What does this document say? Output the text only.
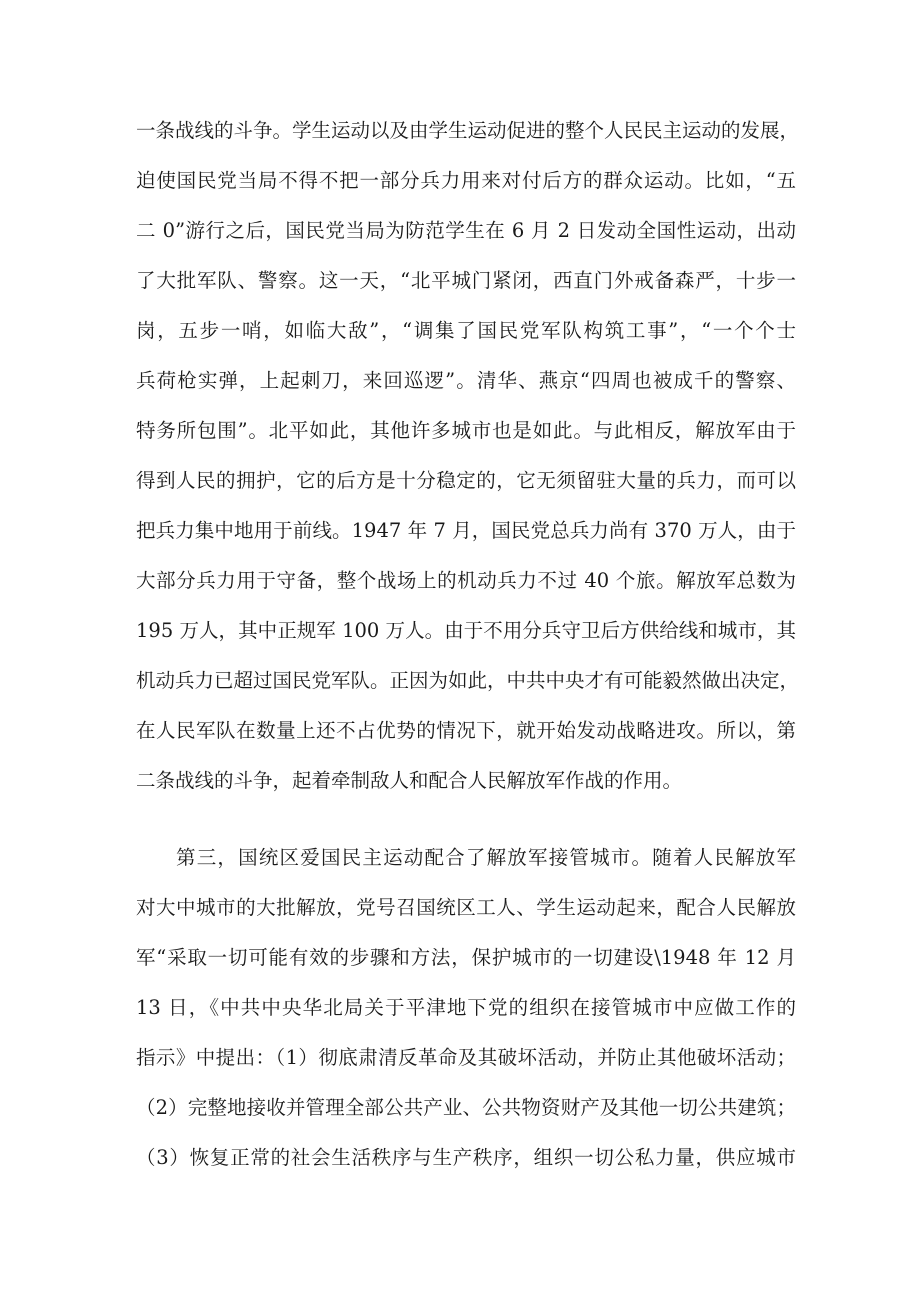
一条战线的斗争。学生运动以及由学生运动促进的整个人民民主运动的发展，
迫使国民党当局不得不把一部分兵力用来对付后方的群众运动。比如，“五
二 0”游行之后，国民党当局为防范学生在 6 月 2 日发动全国性运动，出动
了大批军队、警察。这一天，“北平城门紧闭，西直门外戒备森严，十步一
岗，五步一哨，如临大敌”，“调集了国民党军队构筑工事”，“一个个士
兵荷枪实弹，上起刺刀，来回巡逻”。清华、燕京“四周也被成千的警察、
特务所包围”。北平如此，其他许多城市也是如此。与此相反，解放军由于
得到人民的拥护，它的后方是十分稳定的，它无须留驻大量的兵力，而可以
把兵力集中地用于前线。1947 年 7 月，国民党总兵力尚有 370 万人，由于
大部分兵力用于守备，整个战场上的机动兵力不过 40 个旅。解放军总数为
195 万人，其中正规军 100 万人。由于不用分兵守卫后方供给线和城市，其
机动兵力已超过国民党军队。正因为如此，中共中央才有可能毅然做出决定，
在人民军队在数量上还不占优势的情况下，就开始发动战略进攻。所以，第
二条战线的斗争，起着牵制敌人和配合人民解放军作战的作用。
第三，国统区爱国民主运动配合了解放军接管城市。随着人民解放军
对大中城市的大批解放，党号召国统区工人、学生运动起来，配合人民解放
军“采取一切可能有效的步骤和方法，保护城市的一切建设\1948 年 12 月
13 日，《中共中央华北局关于平津地下党的组织在接管城市中应做工作的
指示》中提出：（1）彻底肃清反革命及其破坏活动，并防止其他破坏活动；
（2）完整地接收并管理全部公共产业、公共物资财产及其他一切公共建筑；
（3）恢复正常的社会生活秩序与生产秩序，组织一切公私力量，供应城市
